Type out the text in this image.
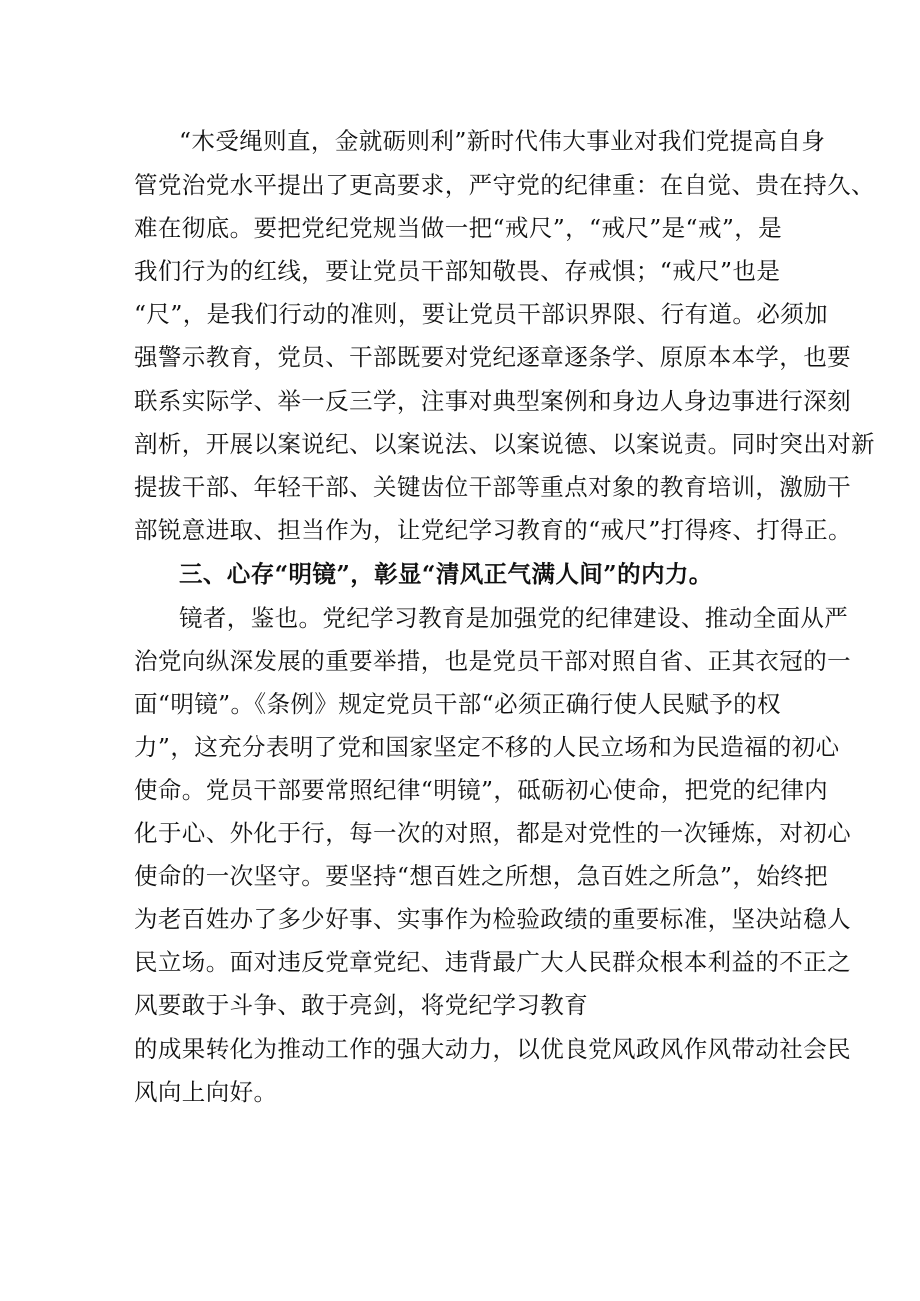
“木受绳则直，金就砺则利”新时代伟大事业对我们党提高自身
管党治党水平提出了更高要求，严守党的纪律重：在自觉、贵在持久、
难在彻底。要把党纪党规当做一把“戒尺”，“戒尺”是“戒”，是
我们行为的红线，要让党员干部知敬畏、存戒惧；“戒尺”也是
“尺”，是我们行动的准则，要让党员干部识界限、行有道。必须加
强警示教育，党员、干部既要对党纪逐章逐条学、原原本本学，也要
联系实际学、举一反三学，注事对典型案例和身边人身边事进行深刻
剖析，开展以案说纪、以案说法、以案说德、以案说责。同时突出对新
提拔干部、年轻干部、关键齿位干部等重点对象的教育培训，激励干
部锐意进取、担当作为，让党纪学习教育的“戒尺”打得疼、打得正。
三、心存“明镜”，彰显“清风正气满人间”的内力。
镜者，鉴也。党纪学习教育是加强党的纪律建设、推动全面从严
治党向纵深发展的重要举措，也是党员干部对照自省、正其衣冠的一
面“明镜”。《条例》规定党员干部“必须正确行使人民赋予的权
力”，这充分表明了党和国家坚定不移的人民立场和为民造福的初心
使命。党员干部要常照纪律“明镜”，砥砺初心使命，把党的纪律内
化于心、外化于行，每一次的对照，都是对党性的一次锤炼，对初心
使命的一次坚守。要坚持“想百姓之所想，急百姓之所急”，始终把
为老百姓办了多少好事、实事作为检验政绩的重要标准，坚决站稳人
民立场。面对违反党章党纪、违背最广大人民群众根本利益的不正之
风要敢于斗争、敢于亮剑，将党纪学习教育
的成果转化为推动工作的强大动力，以优良党风政风作风带动社会民
风向上向好。
